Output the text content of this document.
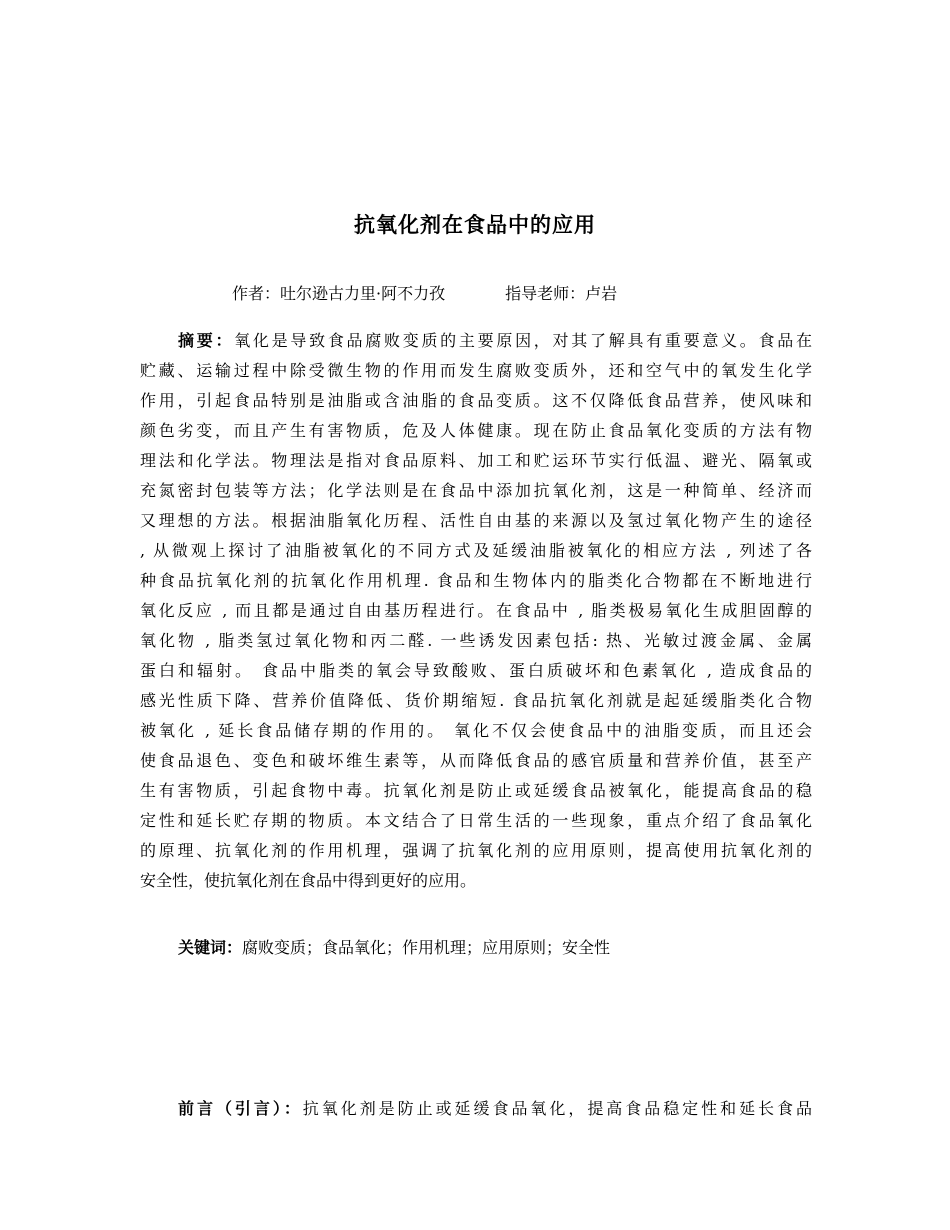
抗氧化剂在食品中的应用
作者：吐尔逊古力里·阿不力孜	指导老师：卢岩
摘要：氧化是导致食品腐败变质的主要原因，对其了解具有重要意义。食品在
贮藏、运输过程中除受微生物的作用而发生腐败变质外，还和空气中的氧发生化学
作用，引起食品特别是油脂或含油脂的食品变质。这不仅降低食品营养，使风味和
颜色劣变，而且产生有害物质，危及人体健康。现在防止食品氧化变质的方法有物
理法和化学法。物理法是指对食品原料、加工和贮运环节实行低温、避光、隔氧或
充氮密封包装等方法；化学法则是在食品中添加抗氧化剂，这是一种简单、经济而
又理想的方法。根据油脂氧化历程、活性自由基的来源以及氢过氧化物产生的途径
, 从微观上探讨了油脂被氧化的不同方式及延缓油脂被氧化的相应方法 , 列述了各
种食品抗氧化剂的抗氧化作用机理. 食品和生物体内的脂类化合物都在不断地进行
氧化反应 , 而且都是通过自由基历程进行。在食品中 , 脂类极易氧化生成胆固醇的
氧化物 , 脂类氢过氧化物和丙二醛. 一些诱发因素包括: 热、光敏过渡金属、金属
蛋白和辐射。 食品中脂类的氧会导致酸败、蛋白质破坏和色素氧化 , 造成食品的
感光性质下降、营养价值降低、货价期缩短. 食品抗氧化剂就是起延缓脂类化合物
被氧化 , 延长食品储存期的作用的。 氧化不仅会使食品中的油脂变质，而且还会
使食品退色、变色和破坏维生素等，从而降低食品的感官质量和营养价值，甚至产
生有害物质，引起食物中毒。抗氧化剂是防止或延缓食品被氧化，能提高食品的稳
定性和延长贮存期的物质。本文结合了日常生活的一些现象，重点介绍了食品氧化
的原理、抗氧化剂的作用机理，强调了抗氧化剂的应用原则，提高使用抗氧化剂的
安全性，使抗氧化剂在食品中得到更好的应用。
关键词：腐败变质；食品氧化；作用机理；应用原则；安全性
前言（引言）：抗氧化剂是防止或延缓食品氧化，提高食品稳定性和延长食品
